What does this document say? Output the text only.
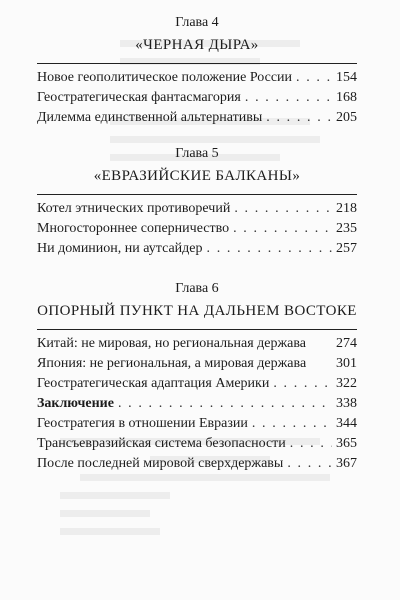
Глава 4
«ЧЕРНАЯ ДЫРА»
Новое геополитическое положение России . . .	154
Геостратегическая фантасмагория . . .	168
Дилемма единственной альтернативы . . .	205
Глава 5
«ЕВРАЗИЙСКИЕ БАЛКАНЫ»
Котел этнических противоречий . . .	218
Многостороннее соперничество . . .	235
Ни доминион, ни аутсайдер . . .	257
Глава 6
ОПОРНЫЙ ПУНКТ НА ДАЛЬНЕМ ВОСТОКЕ
Китай: не мировая, но региональная держава 274
Япония: не региональная, а мировая держава 301
Геостратегическая адаптация Америки . . .	322
Заключение . . .	338
Геостратегия в отношении Евразии . . .	344
Трансъевразийская система безопасности . . .	365
После последней мировой сверхдержавы . . .	367
